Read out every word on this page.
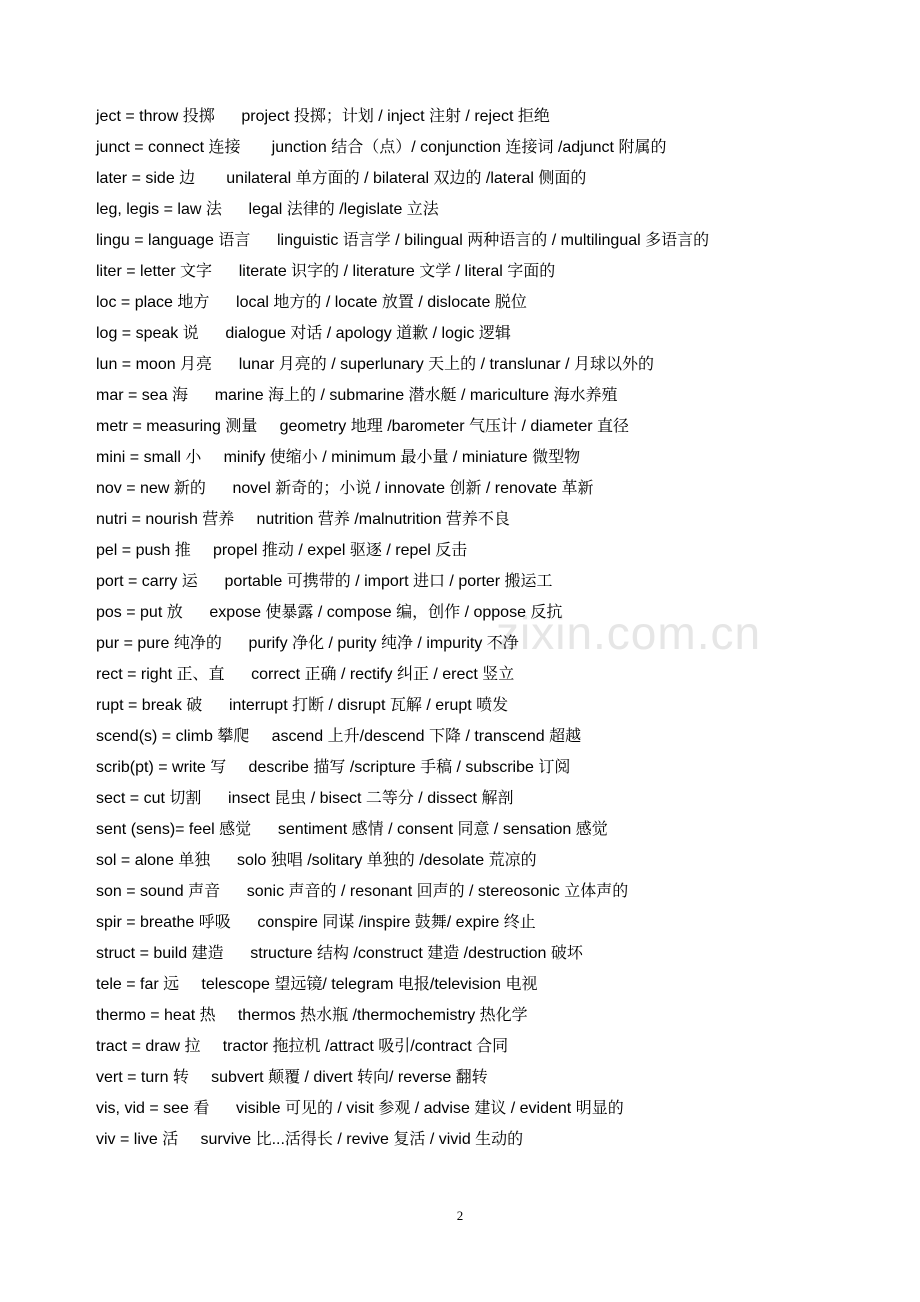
zixin.com.cn
ject = throw 投掷      project 投掷；计划 / inject 注射 / reject 拒绝
junct = connect 连接       junction 结合（点）/ conjunction 连接词 /adjunct 附属的
later = side 边       unilateral 单方面的 / bilateral 双边的 /lateral 侧面的
leg, legis = law 法      legal 法律的 /legislate 立法
lingu = language 语言      linguistic 语言学 / bilingual 两种语言的 / multilingual 多语言的
liter = letter 文字      literate 识字的 / literature 文学 / literal 字面的
loc = place 地方      local 地方的 / locate 放置 / dislocate 脱位
log = speak 说      dialogue 对话 / apology 道歉 / logic 逻辑
lun = moon 月亮      lunar 月亮的 / superlunary 天上的 / translunar / 月球以外的
mar = sea 海      marine 海上的 / submarine 潜水艇 / mariculture 海水养殖
metr = measuring 测量     geometry 地理 /barometer 气压计 / diameter 直径
mini = small 小     minify 使缩小 / minimum 最小量 / miniature 微型物
nov = new 新的      novel 新奇的；小说 / innovate 创新 / renovate 革新
nutri = nourish 营养     nutrition 营养 /malnutrition 营养不良
pel = push 推     propel 推动 / expel 驱逐 / repel 反击
port = carry 运      portable 可携带的 / import 进口 / porter 搬运工
pos = put 放      expose 使暴露 / compose 编，创作 / oppose 反抗
pur = pure 纯净的      purify 净化 / purity 纯净 / impurity 不净
rect = right 正、直      correct 正确 / rectify 纠正 / erect 竖立
rupt = break 破      interrupt 打断 / disrupt 瓦解 / erupt 喷发
scend(s) = climb 攀爬     ascend 上升/descend 下降 / transcend 超越
scrib(pt) = write 写     describe 描写 /scripture 手稿 / subscribe 订阅
sect = cut 切割      insect 昆虫 / bisect 二等分 / dissect 解剖
sent (sens)= feel 感觉      sentiment 感情 / consent 同意 / sensation 感觉
sol = alone 单独      solo 独唱 /solitary 单独的 /desolate 荒凉的
son = sound 声音      sonic 声音的 / resonant 回声的 / stereosonic 立体声的
spir = breathe 呼吸      conspire 同谋 /inspire 鼓舞/ expire 终止
struct = build 建造      structure 结构 /construct 建造 /destruction 破坏
tele = far 远     telescope 望远镜/ telegram 电报/television 电视
thermo = heat 热     thermos 热水瓶 /thermochemistry 热化学
tract = draw 拉     tractor 拖拉机 /attract 吸引/contract 合同
vert = turn 转     subvert 颠覆 / divert 转向/ reverse 翻转
vis, vid = see 看      visible 可见的 / visit 参观 / advise 建议 / evident 明显的
viv = live 活     survive 比...活得长 / revive 复活 / vivid 生动的
2
